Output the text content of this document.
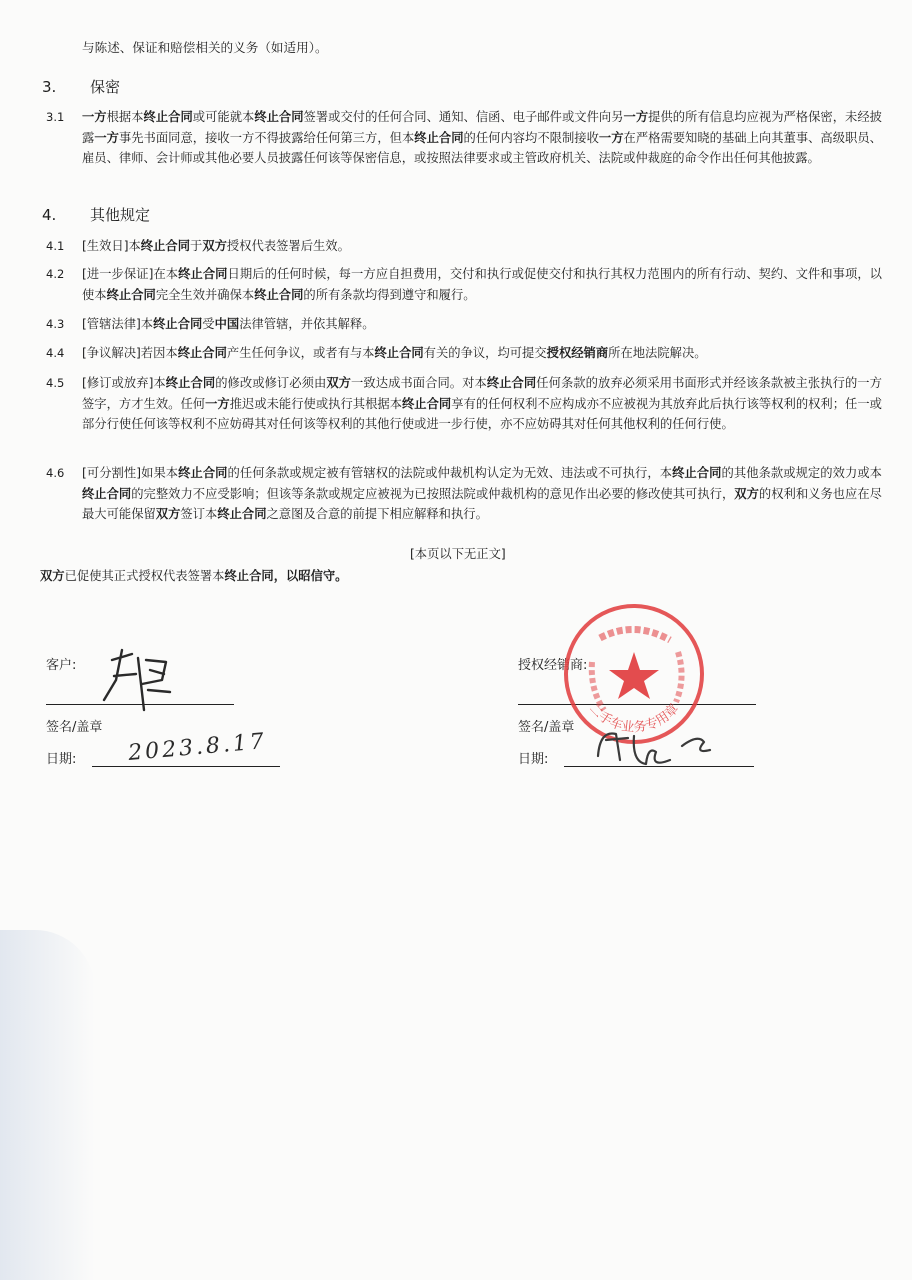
与陈述、保证和赔偿相关的义务（如适用）。
3. 保密
3.1 一方根据本终止合同或可能就本终止合同签署或交付的任何合同、通知、信函、电子邮件或文件向另一方提供的所有信息均应视为严格保密，未经披露一方事先书面同意，接收一方不得披露给任何第三方，但本终止合同的任何内容均不限制接收一方在严格需要知晓的基础上向其董事、高级职员、雇员、律师、会计师或其他必要人员披露任何该等保密信息，或按照法律要求或主管政府机关、法院或仲裁庭的命令作出任何其他披露。
4. 其他规定
4.1 [生效日]本终止合同于双方授权代表签署后生效。
4.2 [进一步保证]在本终止合同日期后的任何时候，每一方应自担费用，交付和执行或促使交付和执行其权力范围内的所有行动、契约、文件和事项，以使本终止合同完全生效并确保本终止合同的所有条款均得到遵守和履行。
4.3 [管辖法律]本终止合同受中国法律管辖，并依其解释。
4.4 [争议解决]若因本终止合同产生任何争议，或者有与本终止合同有关的争议，均可提交授权经销商所在地法院解决。
4.5 [修订或放弃]本终止合同的修改或修订必须由双方一致达成书面合同。对本终止合同任何条款的放弃必须采用书面形式并经该条款被主张执行的一方签字，方才生效。任何一方推迟或未能行使或执行其根据本终止合同享有的任何权利不应构成亦不应被视为其放弃此后执行该等权利的权利；任一或部分行使任何该等权利不应妨碍其对任何该等权利的其他行使或进一步行使，亦不应妨碍其对任何其他权利的任何行使。
4.6 [可分割性]如果本终止合同的任何条款或规定被有管辖权的法院或仲裁机构认定为无效、违法或不可执行，本终止合同的其他条款或规定的效力或本终止合同的完整效力不应受影响；但该等条款或规定应被视为已按照法院或仲裁机构的意见作出必要的修改使其可执行，双方的权利和义务也应在尽最大可能保留双方签订本终止合同之意图及合意的前提下相应解释和执行。
[本页以下无正文]
双方已促使其正式授权代表签署本终止合同，以昭信守。
客户:
签名/盖章
日期: 2023.8.17
授权经销商:
签名/盖章
日期:
二手车业务专用章
